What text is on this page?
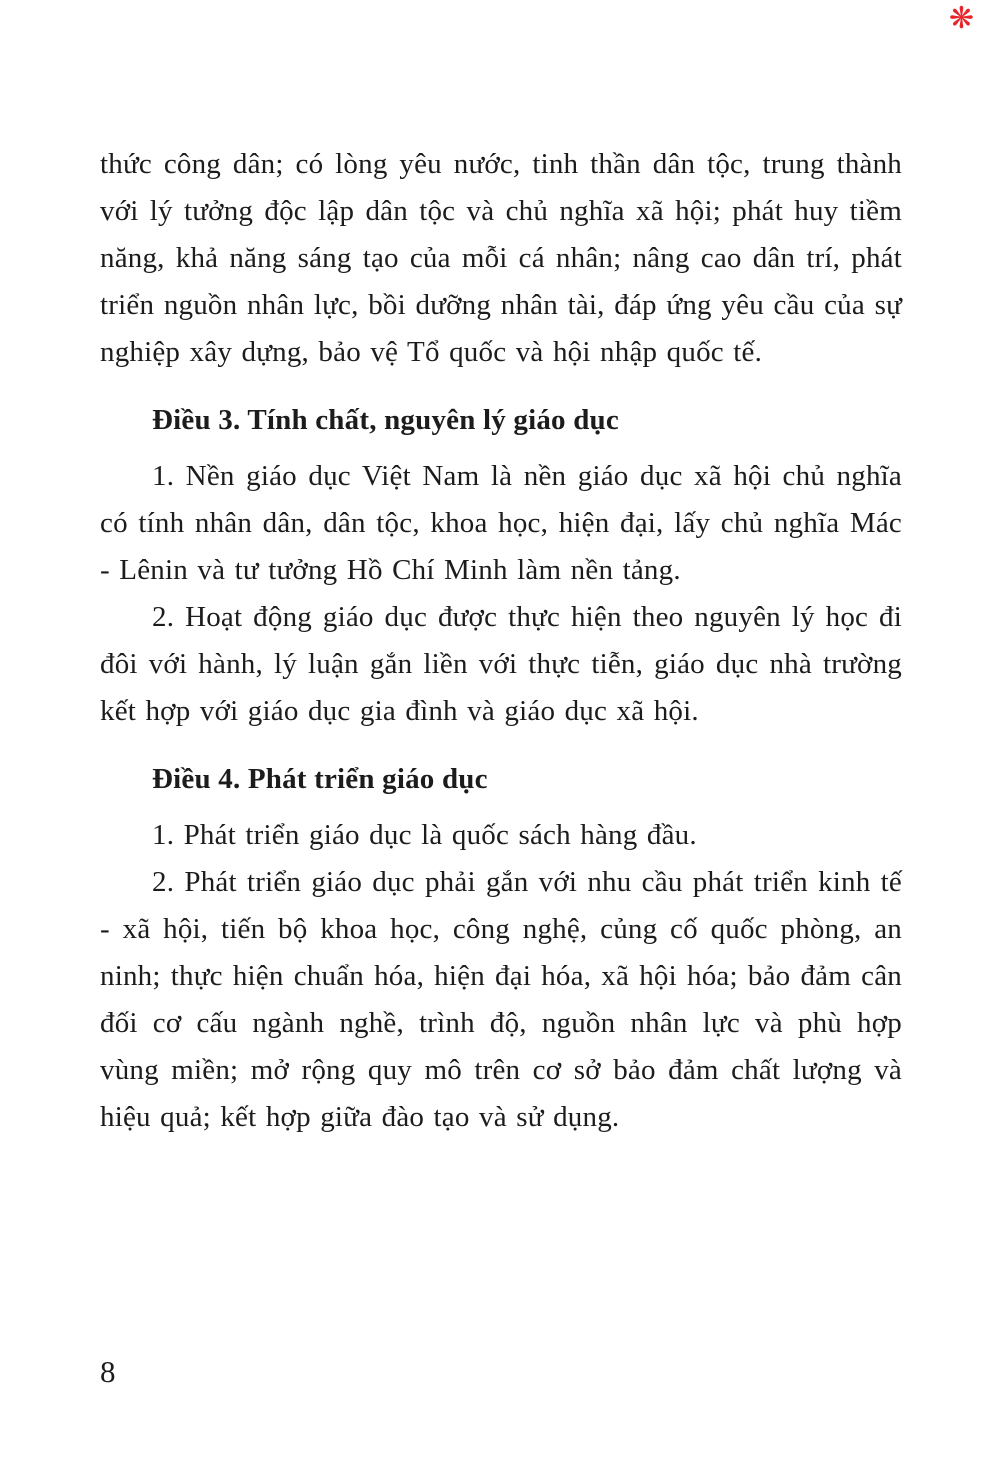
❋

thức công dân; có lòng yêu nước, tinh thần dân tộc, trung thành với lý tưởng độc lập dân tộc và chủ nghĩa xã hội; phát huy tiềm năng, khả năng sáng tạo của mỗi cá nhân; nâng cao dân trí, phát triển nguồn nhân lực, bồi dưỡng nhân tài, đáp ứng yêu cầu của sự nghiệp xây dựng, bảo vệ Tổ quốc và hội nhập quốc tế.

Điều 3. Tính chất, nguyên lý giáo dục

1. Nền giáo dục Việt Nam là nền giáo dục xã hội chủ nghĩa có tính nhân dân, dân tộc, khoa học, hiện đại, lấy chủ nghĩa Mác - Lênin và tư tưởng Hồ Chí Minh làm nền tảng.

2. Hoạt động giáo dục được thực hiện theo nguyên lý học đi đôi với hành, lý luận gắn liền với thực tiễn, giáo dục nhà trường kết hợp với giáo dục gia đình và giáo dục xã hội.

Điều 4. Phát triển giáo dục

1. Phát triển giáo dục là quốc sách hàng đầu.

2. Phát triển giáo dục phải gắn với nhu cầu phát triển kinh tế - xã hội, tiến bộ khoa học, công nghệ, củng cố quốc phòng, an ninh; thực hiện chuẩn hóa, hiện đại hóa, xã hội hóa; bảo đảm cân đối cơ cấu ngành nghề, trình độ, nguồn nhân lực và phù hợp vùng miền; mở rộng quy mô trên cơ sở bảo đảm chất lượng và hiệu quả; kết hợp giữa đào tạo và sử dụng.

8
